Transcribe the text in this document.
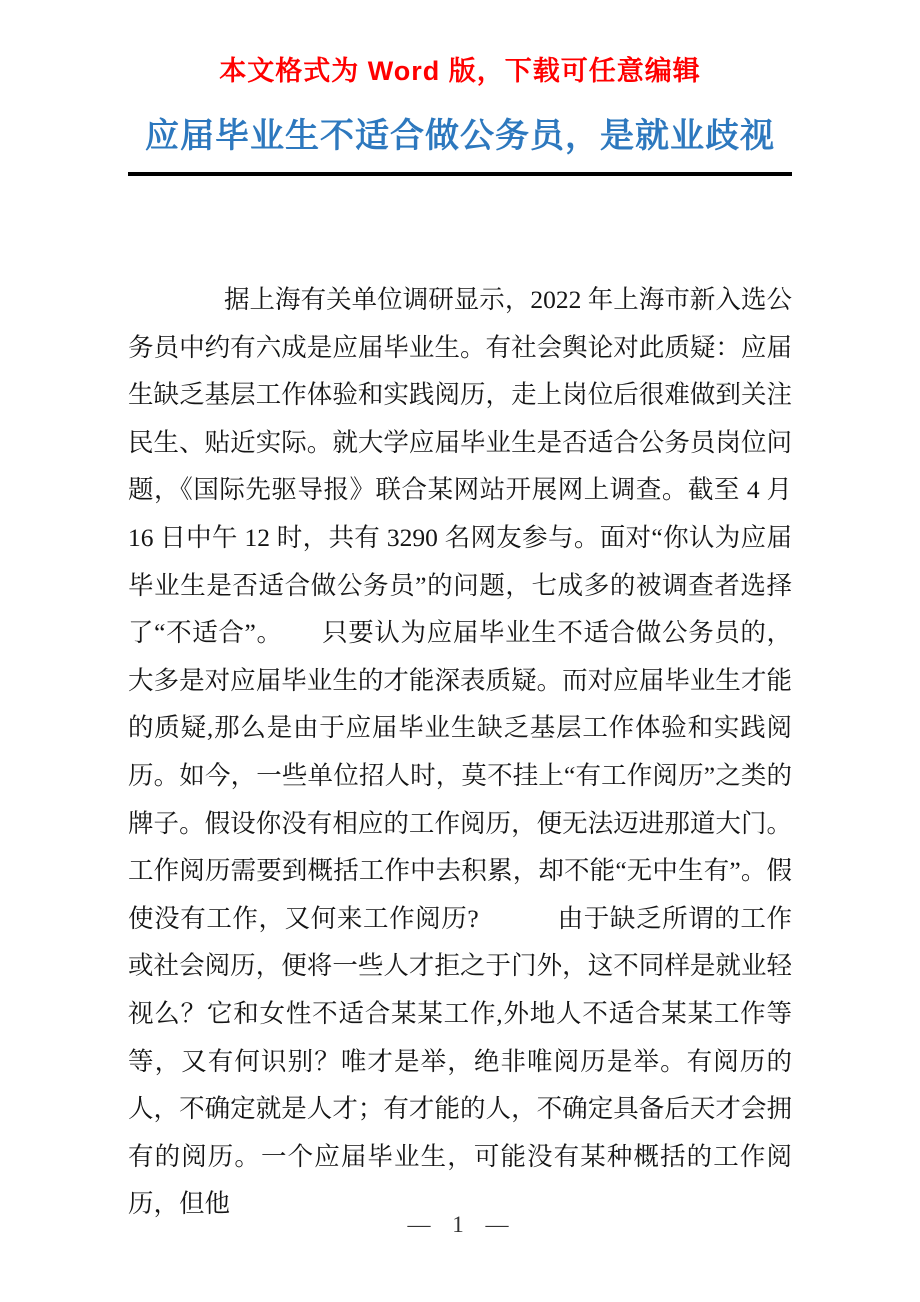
本文格式为 Word 版，下载可任意编辑
应届毕业生不适合做公务员，是就业歧视

据上海有关单位调研显示，2022 年上海市新入选公务员中约有六成是应届毕业生。有社会舆论对此质疑：应届生缺乏基层工作体验和实践阅历，走上岗位后很难做到关注民生、贴近实际。就大学应届毕业生是否适合公务员岗位问题，《国际先驱导报》联合某网站开展网上调查。截至 4 月 16 日中午 12 时，共有 3290 名网友参与。面对“你认为应届毕业生是否适合做公务员”的问题，七成多的被调查者选择了“不适合”。　　只要认为应届毕业生不适合做公务员的，大多是对应届毕业生的才能深表质疑。而对应届毕业生才能的质疑,那么是由于应届毕业生缺乏基层工作体验和实践阅历。如今，一些单位招人时，莫不挂上“有工作阅历”之类的牌子。假设你没有相应的工作阅历，便无法迈进那道大门。工作阅历需要到概括工作中去积累，却不能“无中生有”。假使没有工作，又何来工作阅历?　　　由于缺乏所谓的工作或社会阅历，便将一些人才拒之于门外，这不同样是就业轻视么？它和女性不适合某某工作,外地人不适合某某工作等等，又有何识别？唯才是举，绝非唯阅历是举。有阅历的人，不确定就是人才；有才能的人，不确定具备后天才会拥有的阅历。一个应届毕业生，可能没有某种概括的工作阅历，但他

— 1 —
